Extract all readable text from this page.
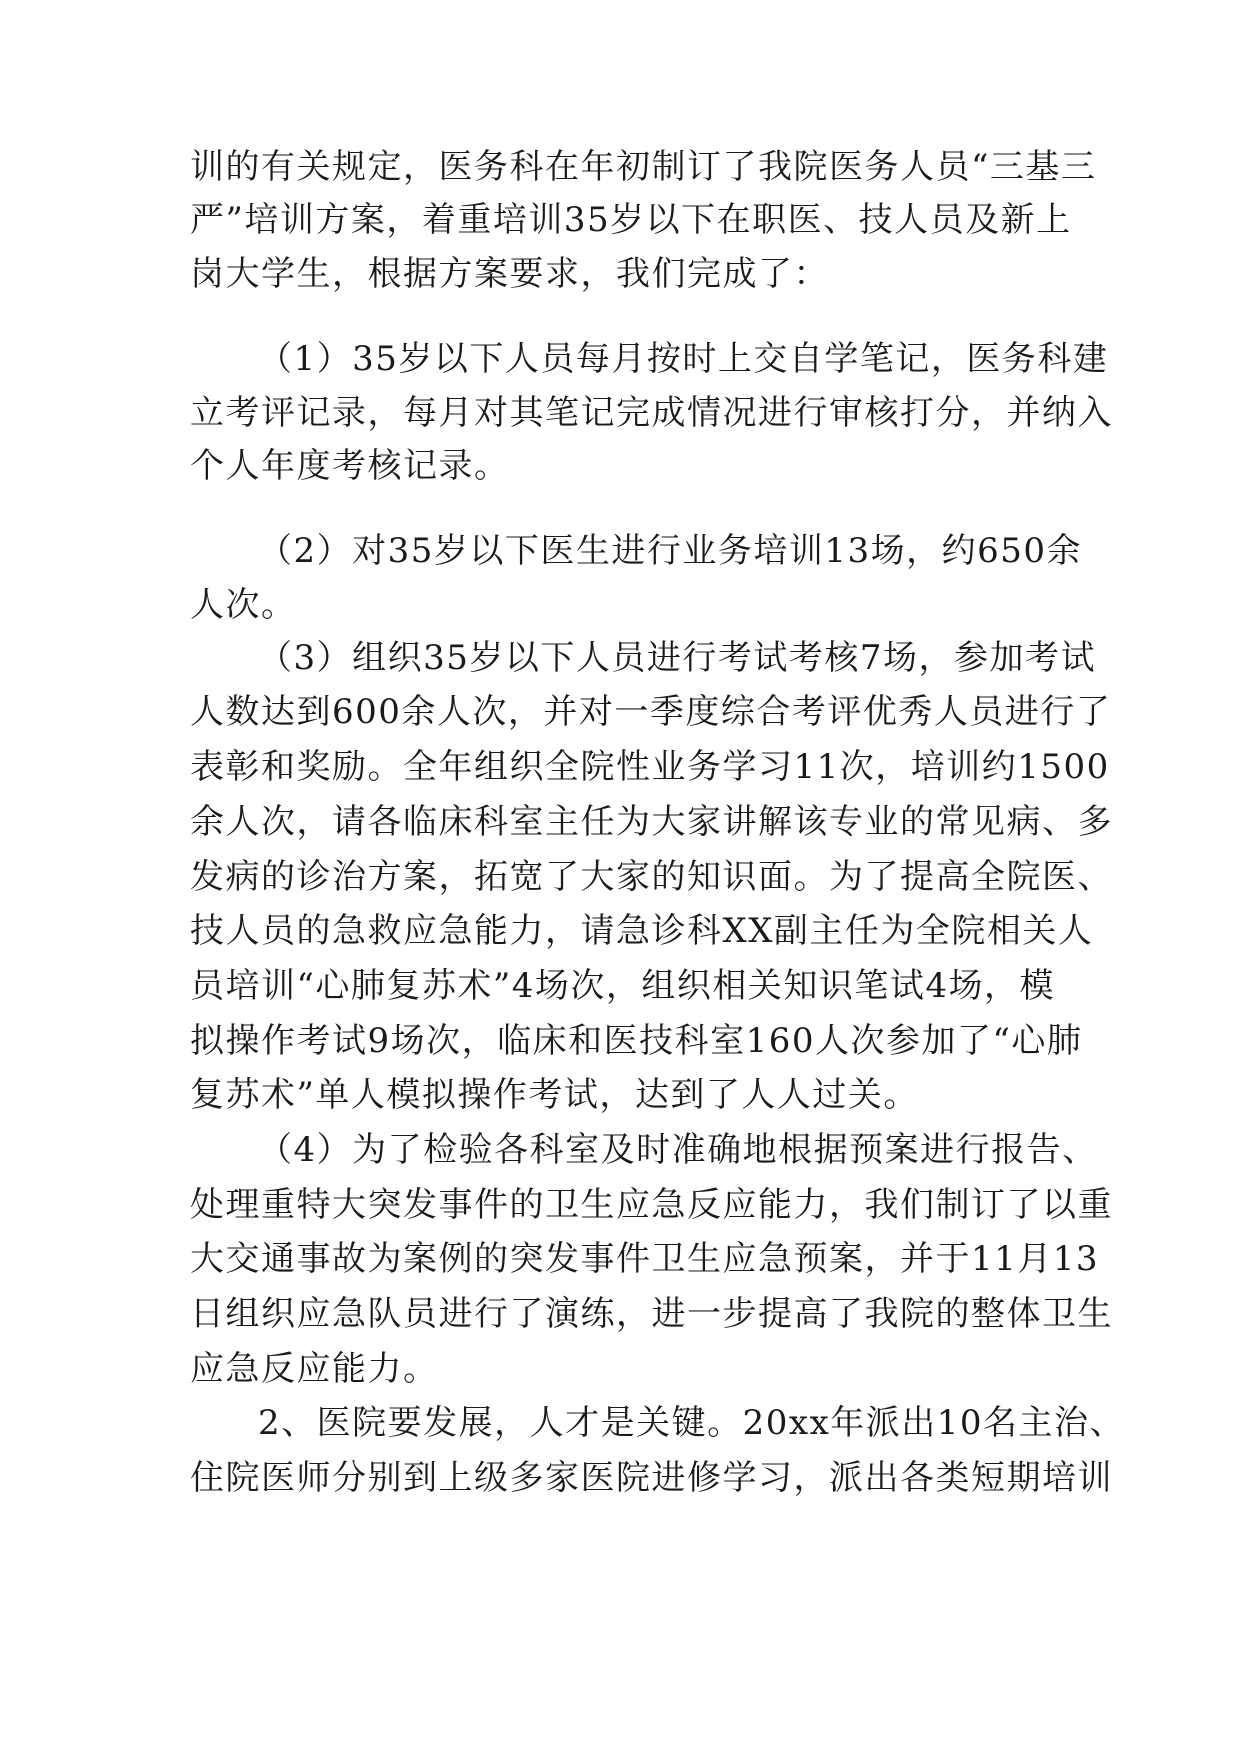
训的有关规定，医务科在年初制订了我院医务人员“三基三
严”培训方案，着重培训35岁以下在职医、技人员及新上
岗大学生，根据方案要求，我们完成了：
（1）35岁以下人员每月按时上交自学笔记，医务科建
立考评记录，每月对其笔记完成情况进行审核打分，并纳入
个人年度考核记录。
（2）对35岁以下医生进行业务培训13场，约650余
人次。
（3）组织35岁以下人员进行考试考核7场，参加考试
人数达到600余人次，并对一季度综合考评优秀人员进行了
表彰和奖励。全年组织全院性业务学习11次，培训约1500
余人次，请各临床科室主任为大家讲解该专业的常见病、多
发病的诊治方案，拓宽了大家的知识面。为了提高全院医、
技人员的急救应急能力，请急诊科XX副主任为全院相关人
员培训“心肺复苏术”4场次，组织相关知识笔试4场，模
拟操作考试9场次，临床和医技科室160人次参加了“心肺
复苏术”单人模拟操作考试，达到了人人过关。
（4）为了检验各科室及时准确地根据预案进行报告、
处理重特大突发事件的卫生应急反应能力，我们制订了以重
大交通事故为案例的突发事件卫生应急预案，并于11月13
日组织应急队员进行了演练，进一步提高了我院的整体卫生
应急反应能力。
2、医院要发展，人才是关键。20xx年派出10名主治、
住院医师分别到上级多家医院进修学习，派出各类短期培训
